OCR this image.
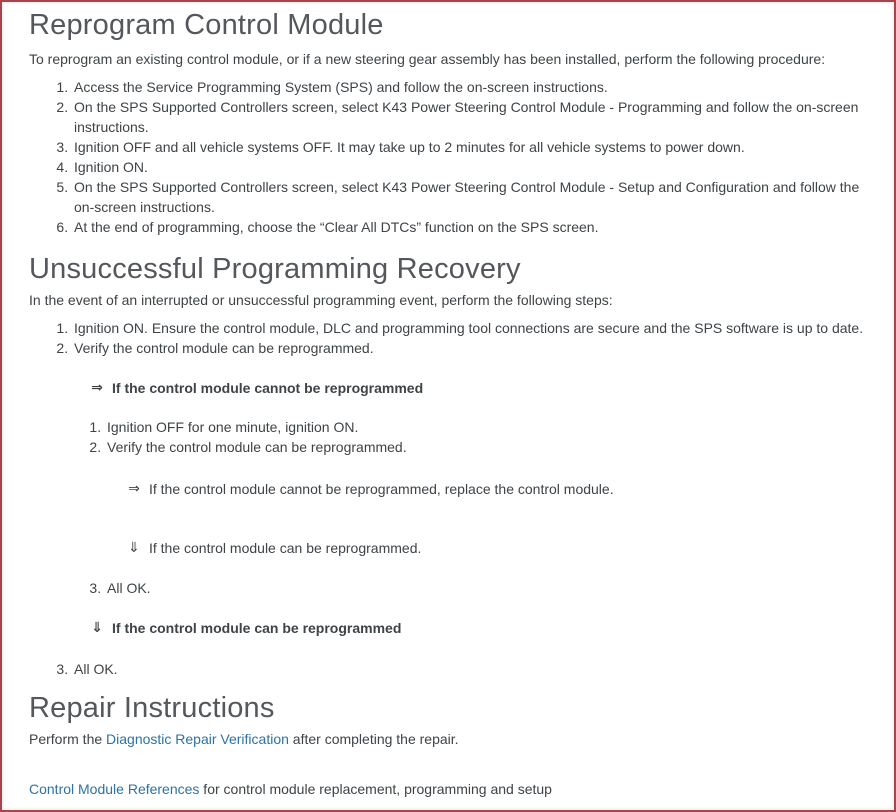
Reprogram Control Module

To reprogram an existing control module, or if a new steering gear assembly has been installed, perform the following procedure:

1. Access the Service Programming System (SPS) and follow the on-screen instructions.
2. On the SPS Supported Controllers screen, select K43 Power Steering Control Module - Programming and follow the on-screen instructions.
3. Ignition OFF and all vehicle systems OFF. It may take up to 2 minutes for all vehicle systems to power down.
4. Ignition ON.
5. On the SPS Supported Controllers screen, select K43 Power Steering Control Module - Setup and Configuration and follow the on-screen instructions.
6. At the end of programming, choose the “Clear All DTCs” function on the SPS screen.
Unsuccessful Programming Recovery

In the event of an interrupted or unsuccessful programming event, perform the following steps:

1. Ignition ON. Ensure the control module, DLC and programming tool connections are secure and the SPS software is up to date.
2. Verify the control module can be reprogrammed.
⇒ If the control module cannot be reprogrammed
1. Ignition OFF for one minute, ignition ON.
2. Verify the control module can be reprogrammed.
⇒ If the control module cannot be reprogrammed, replace the control module.
⇓ If the control module can be reprogrammed.
3. All OK.
⇓ If the control module can be reprogrammed
3. All OK.
Repair Instructions

Perform the Diagnostic Repair Verification after completing the repair.

Control Module References for control module replacement, programming and setup
